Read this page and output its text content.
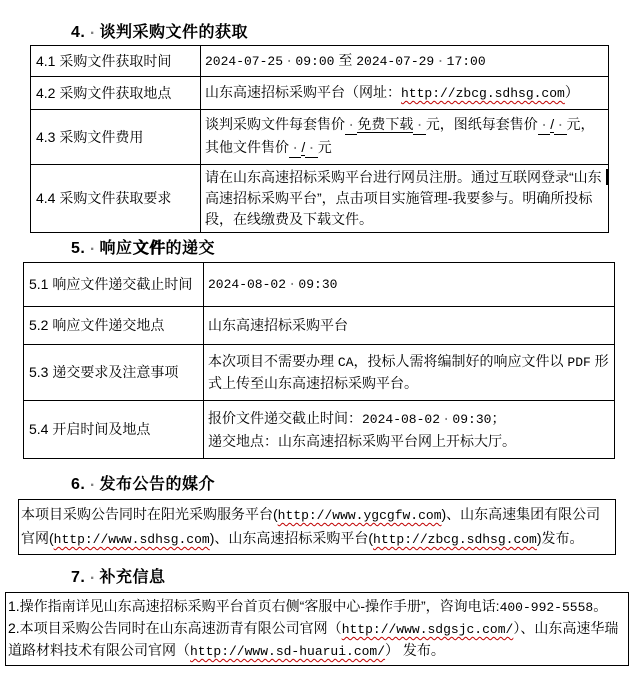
4. · 谈判采购文件的获取
4.1 采购文件获取时间	2024-07-25 · 09:00 至 2024-07-29 · 17:00
4.2 采购文件获取地点	山东高速招标采购平台（网址：http://zbcg.sdhsg.com）
4.3 采购文件费用	谈判采购文件每套售价 · 免费下载 · 元，图纸每套售价 · / · 元，其他文件售价 · / · 元
4.4 采购文件获取要求	请在山东高速招标采购平台进行网员注册。通过互联网登录“山东高速招标采购平台”，点击项目实施管理-我要参与。明确所投标段，在线缴费及下载文件。
5. · 响应文件的递交
5.1 响应文件递交截止时间	2024-08-02 · 09:30
5.2 响应文件递交地点	山东高速招标采购平台
5.3 递交要求及注意事项	本次项目不需要办理 CA，投标人需将编制好的响应文件以 PDF 形式上传至山东高速招标采购平台。
5.4 开启时间及地点	报价文件递交截止时间：2024-08-02 · 09:30；
递交地点：山东高速招标采购平台网上开标大厅。
6. · 发布公告的媒介
本项目采购公告同时在阳光采购服务平台(http://www.ygcgfw.com)、山东高速集团有限公司官网(http://www.sdhsg.com)、山东高速招标采购平台(http://zbcg.sdhsg.com)发布。
7. · 补充信息
1.操作指南详见山东高速招标采购平台首页右侧“客服中心-操作手册”，咨询电话:400-992-5558。
2.本项目采购公告同时在山东高速沥青有限公司官网（http://www.sdgsjc.com/）、山东高速华瑞道路材料技术有限公司官网（http://www.sd-huarui.com/） 发布。
